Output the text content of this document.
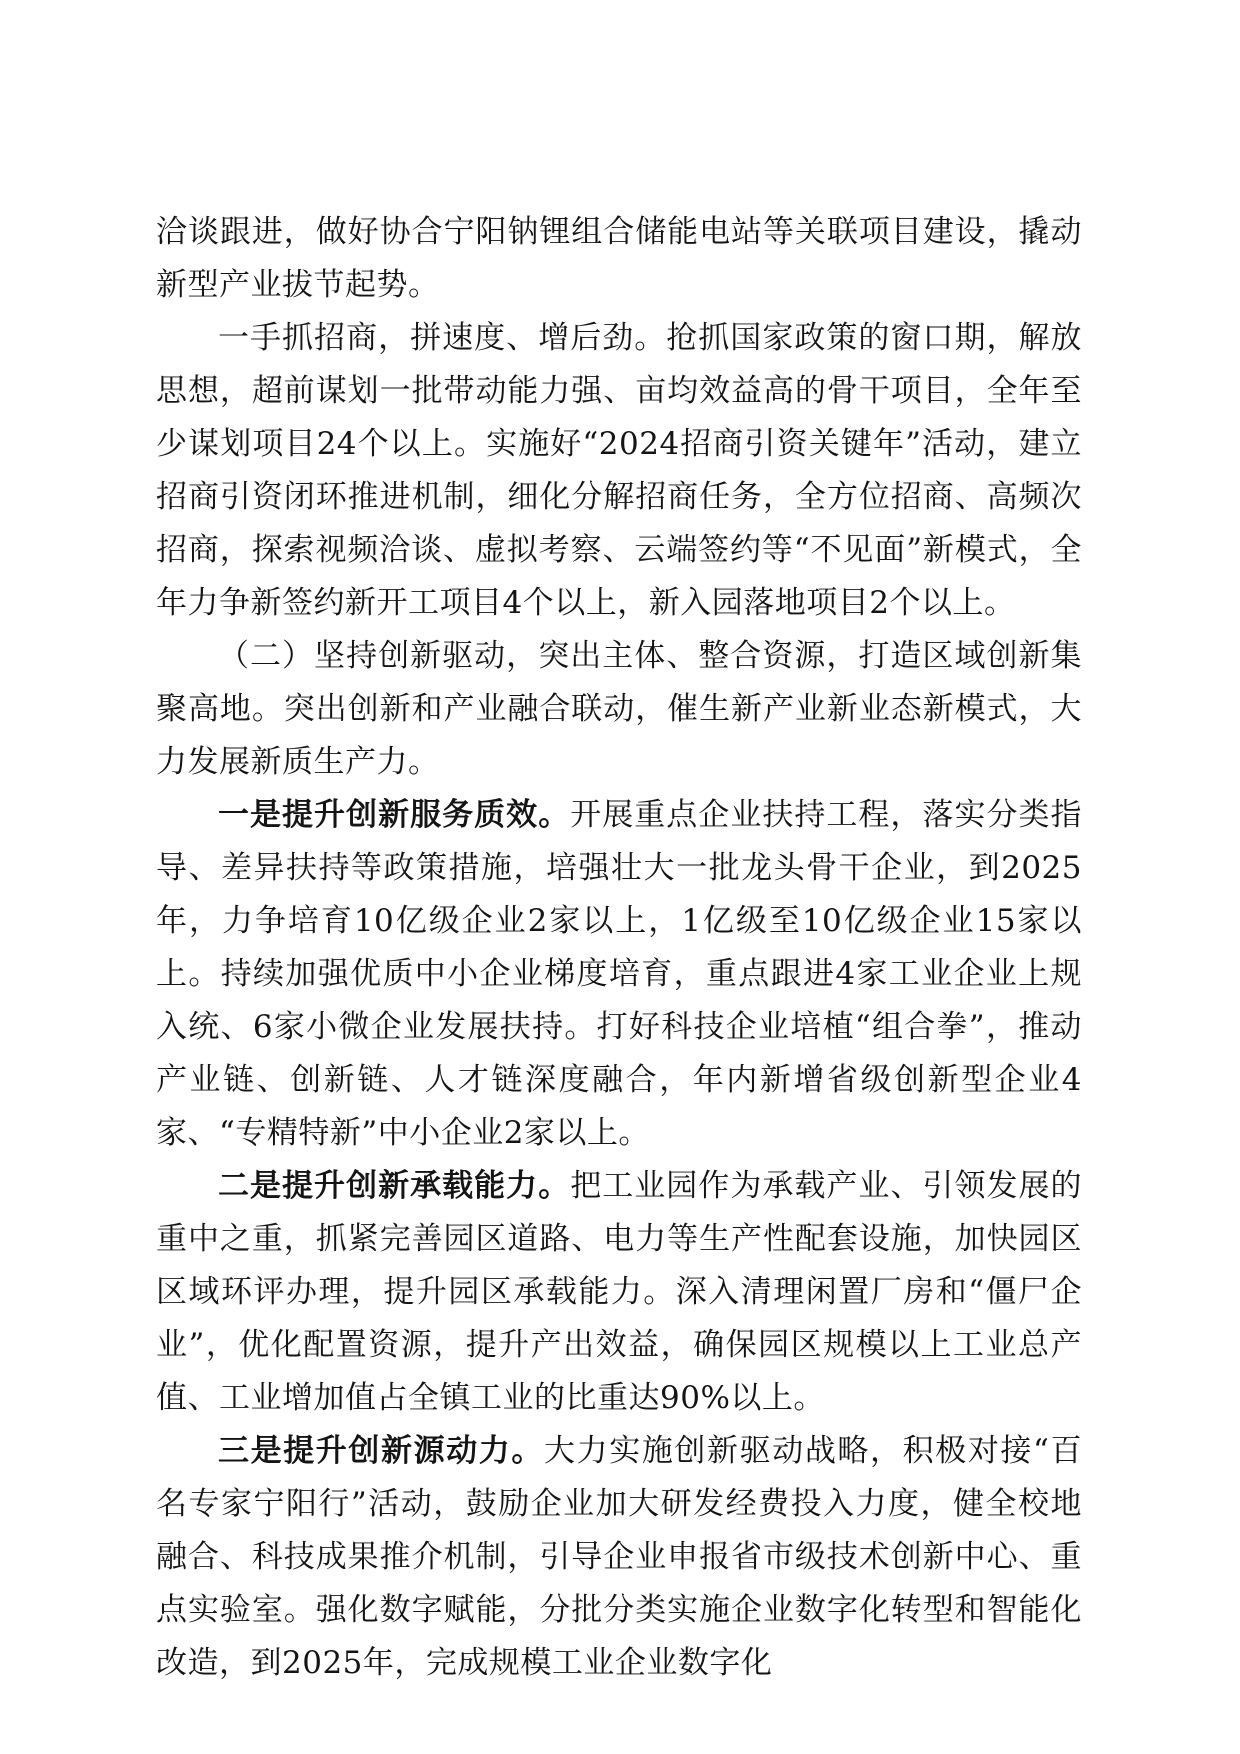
洽谈跟进，做好协合宁阳钠锂组合储能电站等关联项目建设，撬动新型产业拔节起势。

一手抓招商，拼速度、增后劲。抢抓国家政策的窗口期，解放思想，超前谋划一批带动能力强、亩均效益高的骨干项目，全年至少谋划项目24个以上。实施好“2024招商引资关键年”活动，建立招商引资闭环推进机制，细化分解招商任务，全方位招商、高频次招商，探索视频洽谈、虚拟考察、云端签约等“不见面”新模式，全年力争新签约新开工项目4个以上，新入园落地项目2个以上。

（二）坚持创新驱动，突出主体、整合资源，打造区域创新集聚高地。突出创新和产业融合联动，催生新产业新业态新模式，大力发展新质生产力。

一是提升创新服务质效。开展重点企业扶持工程，落实分类指导、差异扶持等政策措施，培强壮大一批龙头骨干企业，到2025年，力争培育10亿级企业2家以上，1亿级至10亿级企业15家以上。持续加强优质中小企业梯度培育，重点跟进4家工业企业上规入统、6家小微企业发展扶持。打好科技企业培植“组合拳”，推动产业链、创新链、人才链深度融合，年内新增省级创新型企业4家、“专精特新”中小企业2家以上。

二是提升创新承载能力。把工业园作为承载产业、引领发展的重中之重，抓紧完善园区道路、电力等生产性配套设施，加快园区区域环评办理，提升园区承载能力。深入清理闲置厂房和“僵尸企业”，优化配置资源，提升产出效益，确保园区规模以上工业总产值、工业增加值占全镇工业的比重达90%以上。

三是提升创新源动力。大力实施创新驱动战略，积极对接“百名专家宁阳行”活动，鼓励企业加大研发经费投入力度，健全校地融合、科技成果推介机制，引导企业申报省市级技术创新中心、重点实验室。强化数字赋能，分批分类实施企业数字化转型和智能化改造，到2025年，完成规模工业企业数字化
